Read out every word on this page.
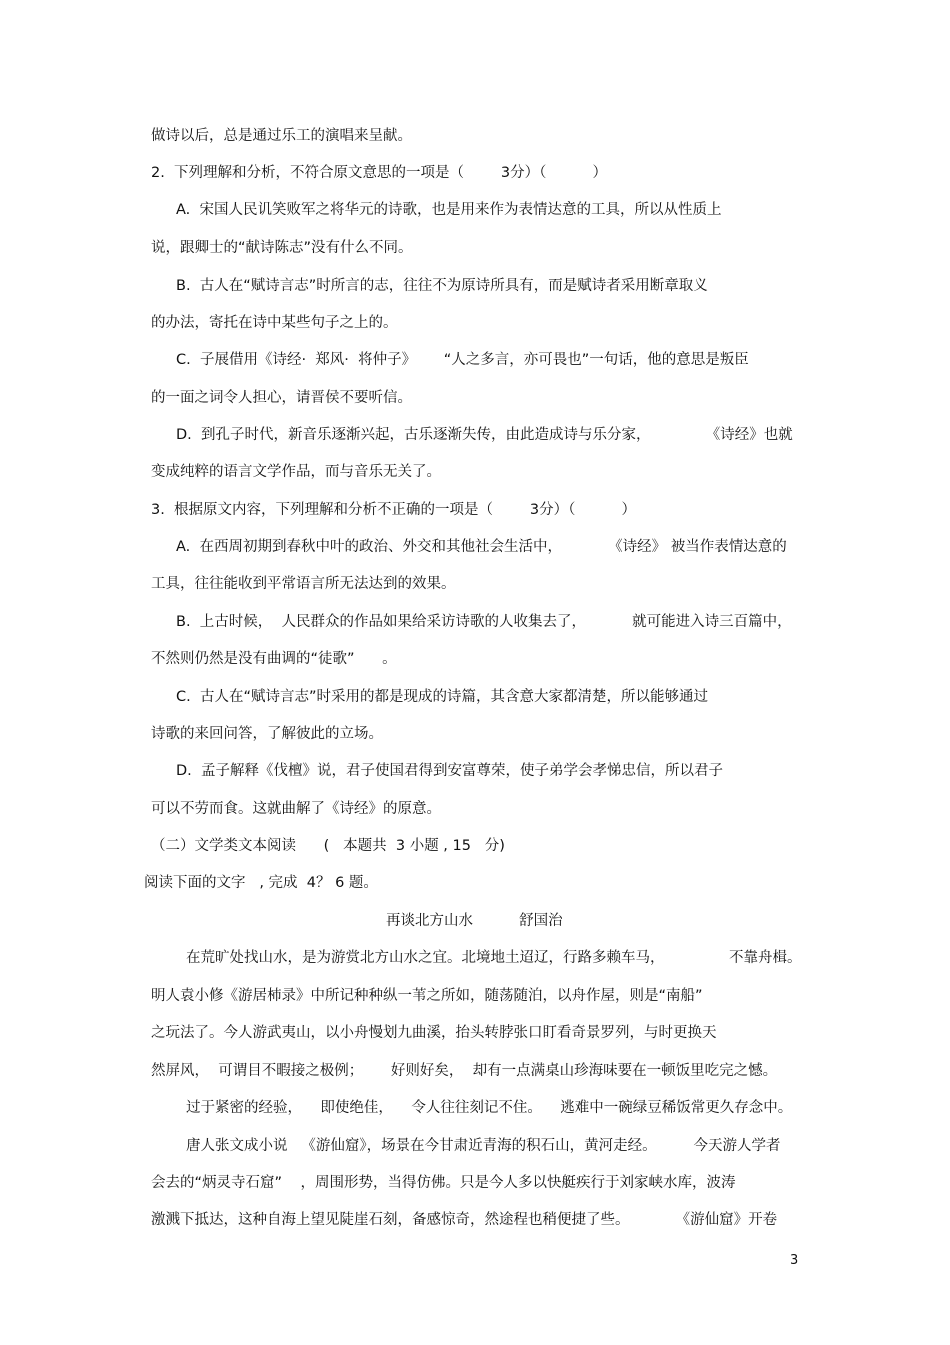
做诗以后，总是通过乐工的演唱来呈献。
2.  下列理解和分析，不符合原文意思的一项是（        3分）（          ）
A.  宋国人民讥笑败军之将华元的诗歌，也是用来作为表情达意的工具，所以从性质上
说，跟卿士的“献诗陈志”没有什么不同。
B.  古人在“赋诗言志”时所言的志，往往不为原诗所具有，而是赋诗者采用断章取义
的办法，寄托在诗中某些句子之上的。
C.  子展借用《诗经·  郑风·  将仲子》      “人之多言，亦可畏也”一句话，他的意思是叛臣
的一面之词令人担心，请晋侯不要听信。
D.  到孔子时代，新音乐逐渐兴起，古乐逐渐失传，由此造成诗与乐分家，            《诗经》也就
变成纯粹的语言文学作品，而与音乐无关了。
3.  根据原文内容，下列理解和分析不正确的一项是（        3分）（          ）
A.  在西周初期到春秋中叶的政治、外交和其他社会生活中，          《诗经》 被当作表情达意的
工具，往往能收到平常语言所无法达到的效果。
B.  上古时候，  人民群众的作品如果给采访诗歌的人收集去了，          就可能进入诗三百篇中，
不然则仍然是没有曲调的“徒歌”      。
C.  古人在“赋诗言志”时采用的都是现成的诗篇，其含意大家都清楚，所以能够通过
诗歌的来回问答，了解彼此的立场。
D.  孟子解释《伐檀》说，君子使国君得到安富尊荣，使子弟学会孝悌忠信，所以君子
可以不劳而食。这就曲解了《诗经》的原意。
（二）文学类文本阅读      (   本题共  3 小题 , 15   分)
阅读下面的文字   , 完成  4？ 6 题。
再谈北方山水          舒国治
在荒旷处找山水，是为游赏北方山水之宜。北境地土迢辽，行路多赖车马，              不靠舟楫。
明人袁小修《游居杮录》中所记种种纵一苇之所如，随荡随泊，以舟作屋，则是“南船”
之玩法了。今人游武夷山，以小舟慢划九曲溪，抬头转脖张口盯看奇景罗列，与时更换天
然屏风，  可谓目不暇接之极例；      好则好矣，  却有一点满桌山珍海味要在一顿饭里吃完之憾。
过于紧密的经验，    即使绝佳，    令人往往刻记不住。    逃难中一碗绿豆稀饭常更久存念中。
唐人张文成小说   《游仙窟》，场景在今甘肃近青海的积石山，黄河走经。        今天游人学者
会去的“炳灵寺石窟”    ，周围形势，当得仿佛。只是今人多以快艇疾行于刘家峡水库，波涛
激溅下抵达，这种自海上望见陡崖石刻，备感惊奇，然途程也稍便捷了些。          《游仙窟》开卷
3
